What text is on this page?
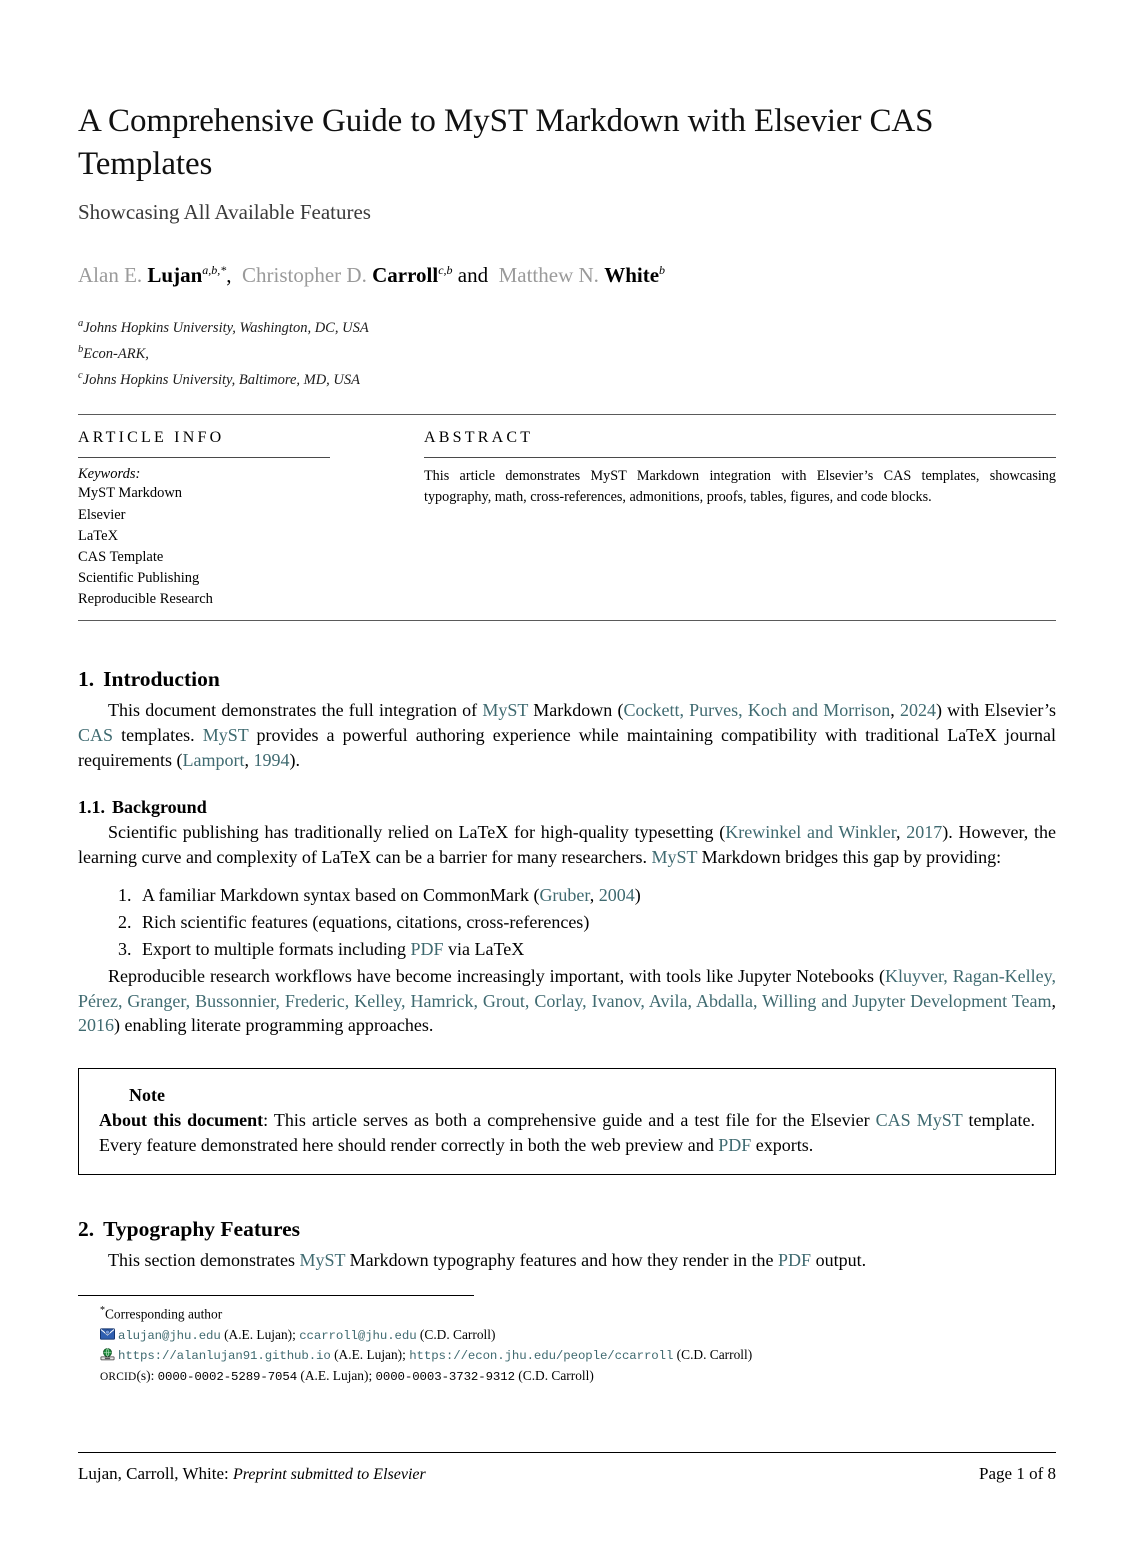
A Comprehensive Guide to MyST Markdown with Elsevier CAS Templates
Showcasing All Available Features
Alan E. Lujan$^{a,b,*}$, Christopher D. Carroll$^{c,b}$ and Matthew N. White$^b$
$^a$Johns Hopkins University, Washington, DC, USA
$^b$Econ-ARK,
$^c$Johns Hopkins University, Baltimore, MD, USA
ARTICLE INFO
Keywords:
MyST Markdown
Elsevier
LaTeX
CAS Template
Scientific Publishing
Reproducible Research
ABSTRACT
This article demonstrates MyST Markdown integration with Elsevier’s CAS templates, showcasing typography, math, cross-references, admonitions, proofs, tables, figures, and code blocks.
1. Introduction

This document demonstrates the full integration of MyST Markdown (Cockett, Purves, Koch and Morrison, 2024) with Elsevier’s CAS templates. MyST provides a powerful authoring experience while maintaining compatibility with traditional LaTeX journal requirements (Lamport, 1994).

1.1. Background

Scientific publishing has traditionally relied on LaTeX for high-quality typesetting (Krewinkel and Winkler, 2017). However, the learning curve and complexity of LaTeX can be a barrier for many researchers. MyST Markdown bridges this gap by providing:

1. A familiar Markdown syntax based on CommonMark (Gruber, 2004)
2. Rich scientific features (equations, citations, cross-references)
3. Export to multiple formats including PDF via LaTeX

Reproducible research workflows have become increasingly important, with tools like Jupyter Notebooks (Kluyver, Ragan-Kelley, Pérez, Granger, Bussonnier, Frederic, Kelley, Hamrick, Grout, Corlay, Ivanov, Avila, Abdalla, Willing and Jupyter Development Team, 2016) enabling literate programming approaches.

Note

About this document: This article serves as both a comprehensive guide and a test file for the Elsevier CAS MyST template. Every feature demonstrated here should render correctly in both the web preview and PDF exports.

2. Typography Features

This section demonstrates MyST Markdown typography features and how they render in the PDF output.

*Corresponding author
alujan@jhu.edu (A.E. Lujan); ccarroll@jhu.edu (C.D. Carroll)
https://alanlujan91.github.io (A.E. Lujan); https://econ.jhu.edu/people/ccarroll (C.D. Carroll)
ORCID(s): 0000-0002-5289-7054 (A.E. Lujan); 0000-0003-3732-9312 (C.D. Carroll)
Lujan, Carroll, White: Preprint submitted to Elsevier	Page 1 of 8
